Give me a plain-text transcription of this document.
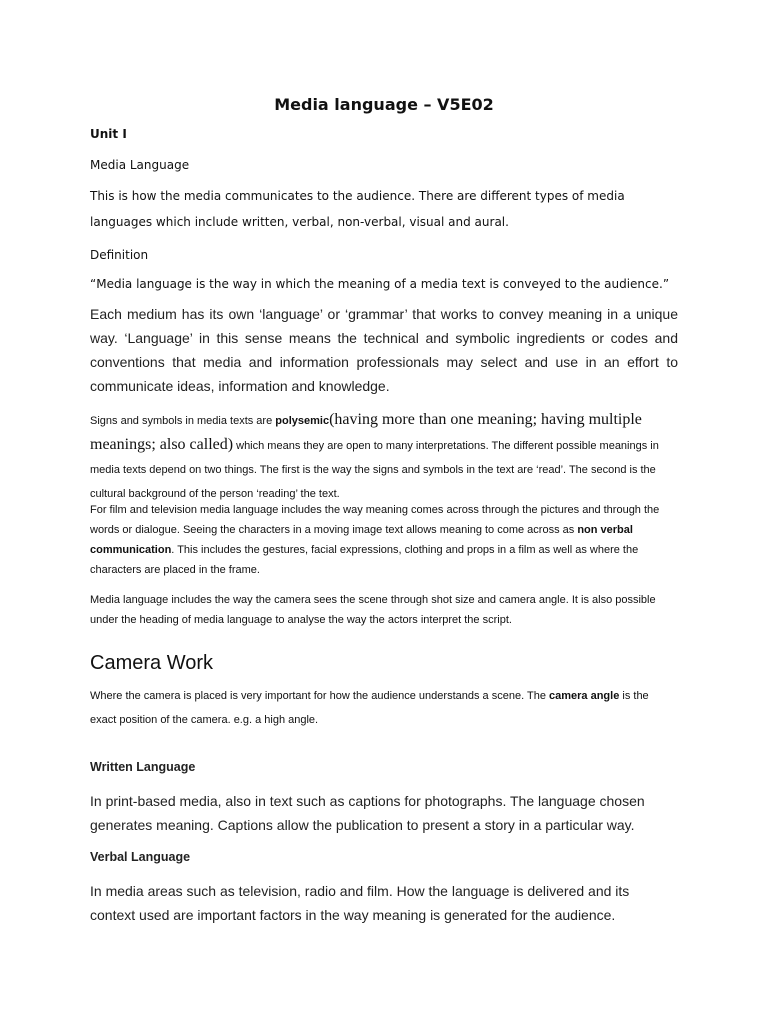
Media language – V5E02
Unit I
Media Language

This is how the media communicates to the audience. There are different types of media languages which include written, verbal, non-verbal, visual and aural.

Definition

“Media language is the way in which the meaning of a media text is conveyed to the audience.”

Each medium has its own ‘language’ or ‘grammar’ that works to convey meaning in a unique way. ‘Language’ in this sense means the technical and symbolic ingredients or codes and conventions that media and information professionals may select and use in an effort to communicate ideas, information and knowledge.

Signs and symbols in media texts are polysemic(having more than one meaning; having multiple meanings; also called) which means they are open to many interpretations. The different possible meanings in media texts depend on two things. The first is the way the signs and symbols in the text are ‘read’. The second is the cultural background of the person ‘reading’ the text.

For film and television media language includes the way meaning comes across through the pictures and through the words or dialogue. Seeing the characters in a moving image text allows meaning to come across as non verbal communication. This includes the gestures, facial expressions, clothing and props in a film as well as where the characters are placed in the frame.

Media language includes the way the camera sees the scene through shot size and camera angle. It is also possible under the heading of media language to analyse the way the actors interpret the script.

Camera Work

Where the camera is placed is very important for how the audience understands a scene. The camera angle is the exact position of the camera. e.g. a high angle.

Written Language

In print-based media, also in text such as captions for photographs. The language chosen generates meaning. Captions allow the publication to present a story in a particular way.

Verbal Language

In media areas such as television, radio and film. How the language is delivered and its context used are important factors in the way meaning is generated for the audience.
